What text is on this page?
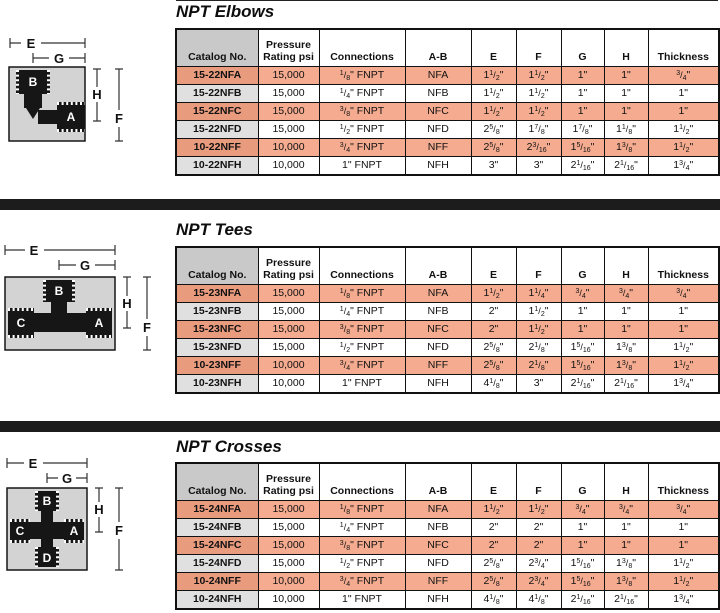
NPT Elbows
E
G
B
A
H
F
Catalog No.	Pressure Rating psi	Connections	A-B	E	F	G	H	Thickness
15-22NFA	15,000	$^1/_8$" FNPT	NFA	$1^1/_2$"	$1^1/_2$"	1"	1"	$^3/_4$"
15-22NFB	15,000	$^1/_4$" FNPT	NFB	$1^1/_2$"	$1^1/_2$"	1"	1"	1"
15-22NFC	15,000	$^3/_8$" FNPT	NFC	$1^1/_2$"	$1^1/_2$"	1"	1"	1"
15-22NFD	15,000	$^1/_2$" FNPT	NFD	$2^5/_8$"	$1^7/_8$"	$1^7/_8$"	$1^1/_8$"	$1^1/_2$"
10-22NFF	10,000	$^3/_4$" FNPT	NFF	$2^5/_8$"	$2^3/_{16}$"	$1^5/_{16}$"	$1^3/_8$"	$1^1/_2$"
10-22NFH	10,000	1" FNPT	NFH	3"	3"	$2^1/_{16}$"	$2^1/_{16}$"	$1^3/_4$"
NPT Tees
E
G
B
C	A
H
F
Catalog No.	Pressure Rating psi	Connections	A-B	E	F	G	H	Thickness
15-23NFA	15,000	$^1/_8$" FNPT	NFA	$1^1/_2$"	$1^1/_4$"	$^3/_4$"	$^3/_4$"	$^3/_4$"
15-23NFB	15,000	$^1/_4$" FNPT	NFB	2"	$1^1/_2$"	1"	1"	1"
15-23NFC	15,000	$^3/_8$" FNPT	NFC	2"	$1^1/_2$"	1"	1"	1"
15-23NFD	15,000	$^1/_2$" FNPT	NFD	$2^5/_8$"	$2^1/_8$"	$1^5/_{16}$"	$1^3/_8$"	$1^1/_2$"
10-23NFF	10,000	$^3/_4$" FNPT	NFF	$2^5/_8$"	$2^1/_8$"	$1^5/_{16}$"	$1^3/_8$"	$1^1/_2$"
10-23NFH	10,000	1" FNPT	NFH	$4^1/_8$"	3"	$2^1/_{16}$"	$2^1/_{16}$"	$1^3/_4$"
NPT Crosses
E
G
B
C	A
D
H
F
Catalog No.	Pressure Rating psi	Connections	A-B	E	F	G	H	Thickness
15-24NFA	15,000	$^1/_8$" FNPT	NFA	$1^1/_2$"	$1^1/_2$"	$^3/_4$"	$^3/_4$"	$^3/_4$"
15-24NFB	15,000	$^1/_4$" FNPT	NFB	2"	2"	1"	1"	1"
15-24NFC	15,000	$^3/_8$" FNPT	NFC	2"	2"	1"	1"	1"
15-24NFD	15,000	$^1/_2$" FNPT	NFD	$2^5/_8$"	$2^3/_4$"	$1^5/_{16}$"	$1^3/_8$"	$1^1/_2$"
10-24NFF	10,000	$^3/_4$" FNPT	NFF	$2^5/_8$"	$2^3/_4$"	$1^5/_{16}$"	$1^3/_8$"	$1^1/_2$"
10-24NFH	10,000	1" FNPT	NFH	$4^1/_8$"	$4^1/_8$"	$2^1/_{16}$"	$2^1/_{16}$"	$1^3/_4$"
